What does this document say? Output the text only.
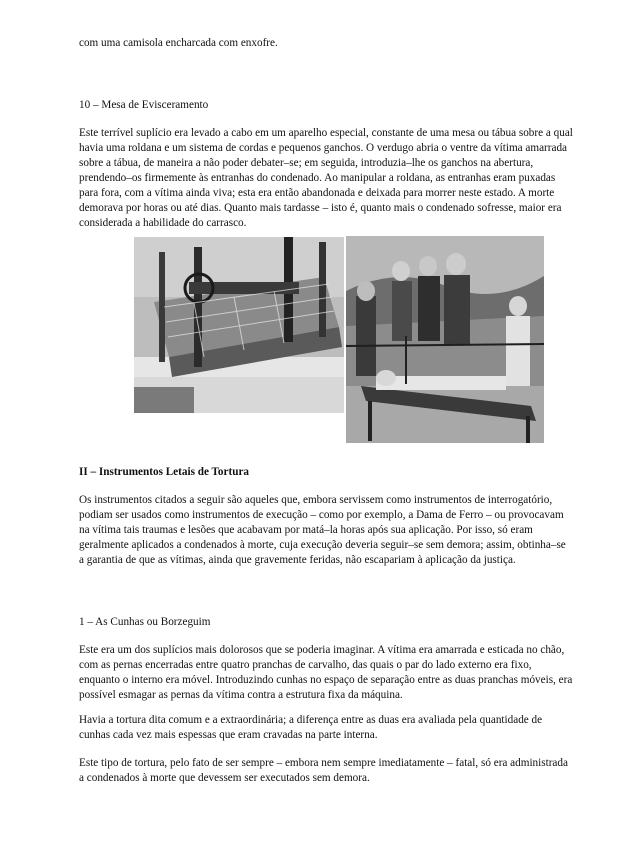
com uma camisola encharcada com enxofre.
10 – Mesa de Evisceramento
Este terrível suplício era levado a cabo em um aparelho especial, constante de uma mesa ou tábua sobre a qual
havia uma roldana e um sistema de cordas e pequenos ganchos. O verdugo abria o ventre da vítima amarrada
sobre a tábua, de maneira a não poder debater–se; em seguida, introduzia–lhe os ganchos na abertura,
prendendo–os firmemente às entranhas do condenado. Ao manipular a roldana, as entranhas eram puxadas
para fora, com a vítima ainda viva; esta era então abandonada e deixada para morrer neste estado. A morte
demorava por horas ou até dias. Quanto mais tardasse – isto é, quanto mais o condenado sofresse, maior era
considerada a habilidade do carrasco.
II – Instrumentos Letais de Tortura
Os instrumentos citados a seguir são aqueles que, embora servissem como instrumentos de interrogatório,
podiam ser usados como instrumentos de execução – como por exemplo, a Dama de Ferro – ou provocavam
na vítima tais traumas e lesões que acabavam por matá–la horas após sua aplicação. Por isso, só eram
geralmente aplicados a condenados à morte, cuja execução deveria seguir–se sem demora; assim, obtinha–se
a garantia de que as vítimas, ainda que gravemente feridas, não escapariam à aplicação da justiça.
1 – As Cunhas ou Borzeguim
Este era um dos suplícios mais dolorosos que se poderia imaginar. A vítima era amarrada e esticada no chão,
com as pernas encerradas entre quatro pranchas de carvalho, das quais o par do lado externo era fixo,
enquanto o interno era móvel. Introduzindo cunhas no espaço de separação entre as duas pranchas móveis, era
possível esmagar as pernas da vítima contra a estrutura fixa da máquina.
Havia a tortura dita comum e a extraordinária; a diferença entre as duas era avaliada pela quantidade de
cunhas cada vez mais espessas que eram cravadas na parte interna.
Este tipo de tortura, pelo fato de ser sempre – embora nem sempre imediatamente – fatal, só era administrada
a condenados à morte que devessem ser executados sem demora.
